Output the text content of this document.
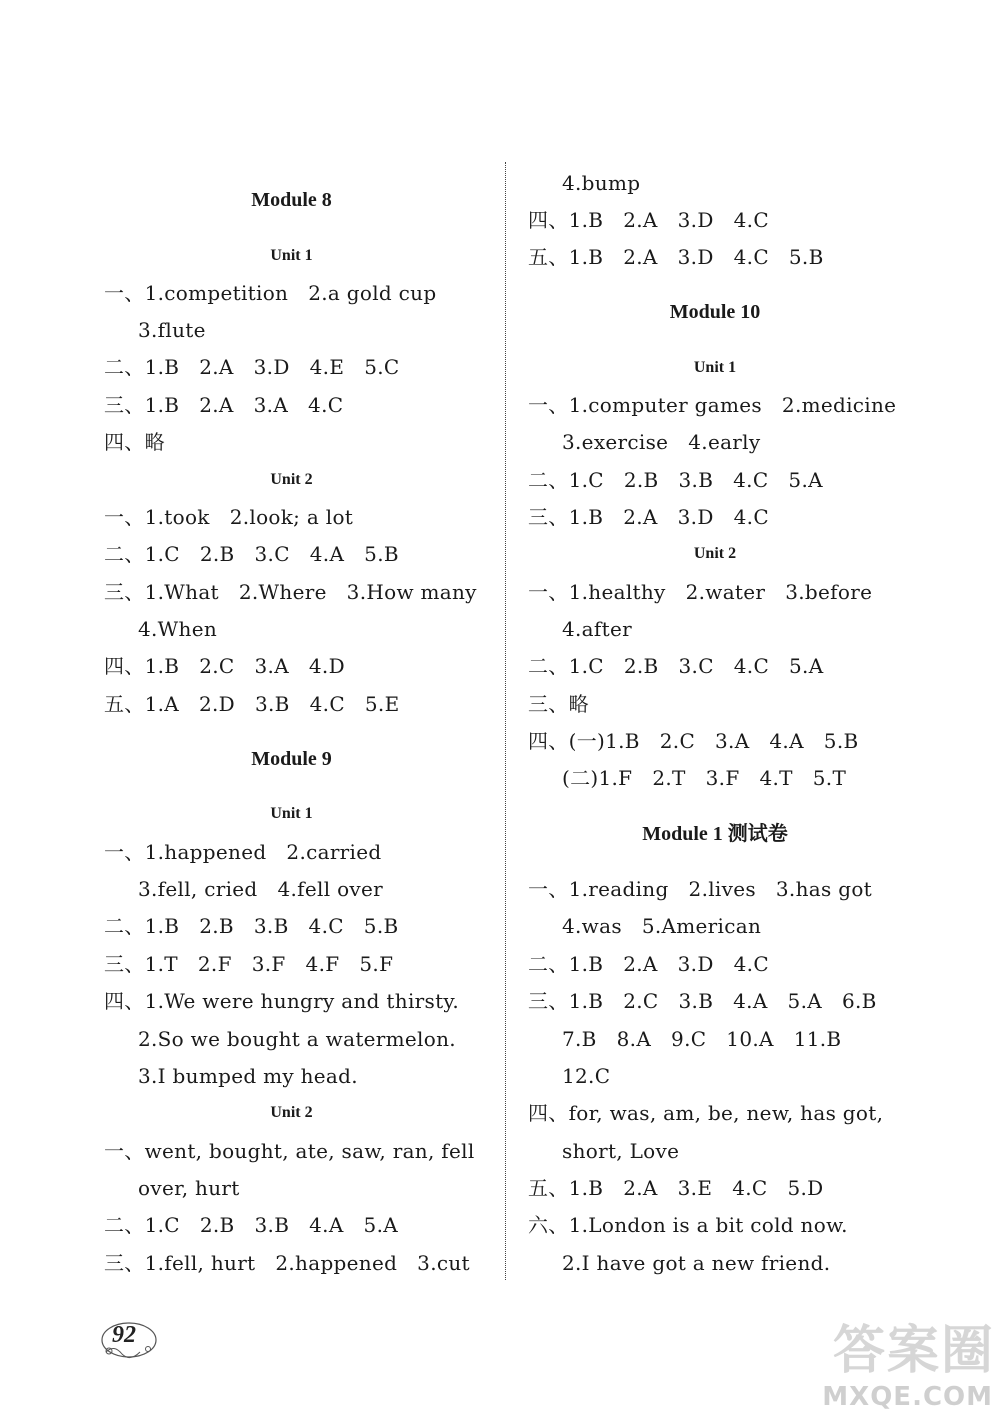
Module 8
Unit 1
一、1.competition   2.a gold cup
3.flute
二、1.B   2.A   3.D   4.E   5.C
三、1.B   2.A   3.A   4.C
四、略
Unit 2
一、1.took   2.look; a lot
二、1.C   2.B   3.C   4.A   5.B
三、1.What   2.Where   3.How many
4.When
四、1.B   2.C   3.A   4.D
五、1.A   2.D   3.B   4.C   5.E
Module 9
Unit 1
一、1.happened   2.carried
3.fell, cried   4.fell over
二、1.B   2.B   3.B   4.C   5.B
三、1.T   2.F   3.F   4.F   5.F
四、1.We were hungry and thirsty.
2.So we bought a watermelon.
3.I bumped my head.
Unit 2
一、went, bought, ate, saw, ran, fell
over, hurt
二、1.C   2.B   3.B   4.A   5.A
三、1.fell, hurt   2.happened   3.cut
4.bump
四、1.B   2.A   3.D   4.C
五、1.B   2.A   3.D   4.C   5.B
Module 10
Unit 1
一、1.computer games   2.medicine
3.exercise   4.early
二、1.C   2.B   3.B   4.C   5.A
三、1.B   2.A   3.D   4.C
Unit 2
一、1.healthy   2.water   3.before
4.after
二、1.C   2.B   3.C   4.C   5.A
三、略
四、(一)1.B   2.C   3.A   4.A   5.B
(二)1.F   2.T   3.F   4.T   5.T
Module 1 测试卷
一、1.reading   2.lives   3.has got
4.was   5.American
二、1.B   2.A   3.D   4.C
三、1.B   2.C   3.B   4.A   5.A   6.B
7.B   8.A   9.C   10.A   11.B
12.C
四、for, was, am, be, new, has got,
short, Love
五、1.B   2.A   3.E   4.C   5.D
六、1.London is a bit cold now.
2.I have got a new friend.
92	答案圈
MXQE.COM
